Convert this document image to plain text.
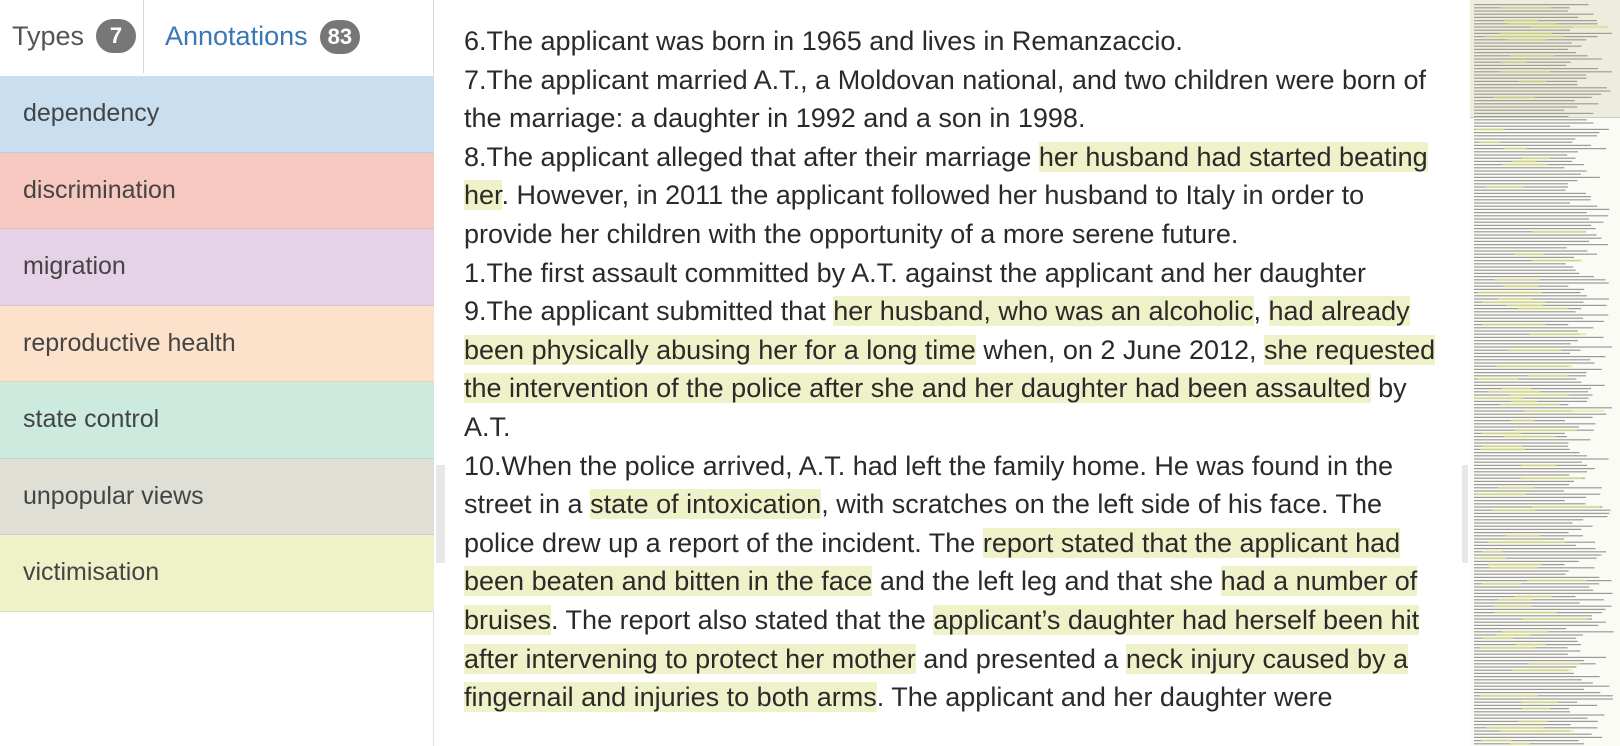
Types	7	Annotations 83
dependency
discrimination
migration
reproductive health
state control
unpopular views
victimisation

6.The applicant was born in 1965 and lives in Remanzaccio.

7.The applicant married A.T., a Moldovan national, and two children were born of the marriage: a daughter in 1992 and a son in 1998.

8.The applicant alleged that after their marriage her husband had started beating her. However, in 2011 the applicant followed her husband to Italy in order to provide her children with the opportunity of a more serene future.

1.The first assault committed by A.T. against the applicant and her daughter

9.The applicant submitted that her husband, who was an alcoholic, had already been physically abusing her for a long time when, on 2 June 2012, she requested the intervention of the police after she and her daughter had been assaulted by A.T.

10.When the police arrived, A.T. had left the family home. He was found in the street in a state of intoxication, with scratches on the left side of his face. The police drew up a report of the incident. The report stated that the applicant had been beaten and bitten in the face and the left leg and that she had a number of bruises. The report also stated that the applicant’s daughter had herself been hit after intervening to protect her mother and presented a neck injury caused by a fingernail and injuries to both arms. The applicant and her daughter were
